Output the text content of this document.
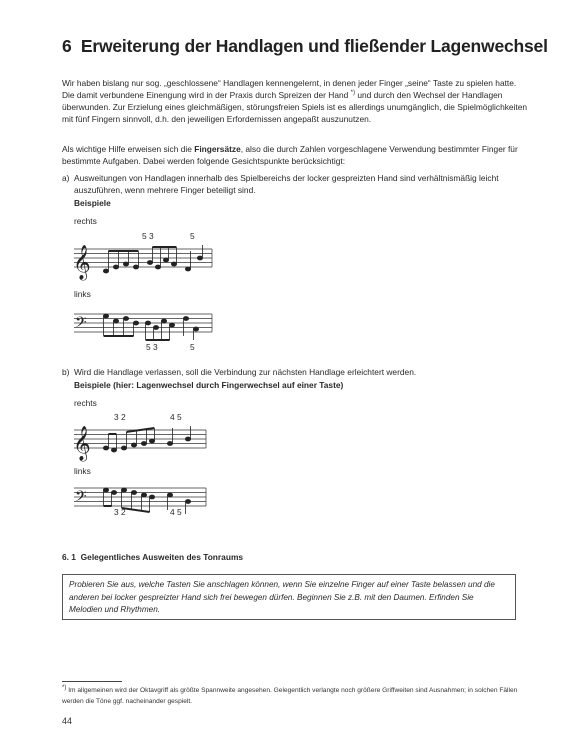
6 Erweiterung der Handlagen und fließender Lagenwechsel
Wir haben bislang nur sog. „geschlossene“ Handlagen kennengelernt, in denen jeder Finger „seine“ Taste zu spielen hatte. Die damit verbundene Einengung wird in der Praxis durch Spreizen der Hand *) und durch den Wechsel der Handlagen überwunden. Zur Erzielung eines gleichmäßigen, störungsfreien Spiels ist es allerdings unumgänglich, die Spielmöglichkeiten mit fünf Fingern sinnvoll, d.h. den jeweiligen Erfordernissen angepaßt auszunutzen.
Als wichtige Hilfe erweisen sich die Fingersätze, also die durch Zahlen vorgeschlagene Verwendung bestimmter Finger für bestimmte Aufgaben. Dabei werden folgende Gesichtspunkte berücksichtigt:
a) Ausweitungen von Handlagen innerhalb des Spielbereichs der locker gespreizten Hand sind verhältnismäßig leicht auszuführen, wenn mehrere Finger beteiligt sind.
Beispiele
rechts
5 3	5
𝄞
links
𝄢
5 3	5
b) Wird die Handlage verlassen, soll die Verbindung zur nächsten Handlage erleichtert werden.
Beispiele (hier: Lagenwechsel durch Fingerwechsel auf einer Taste)
rechts
3 2	4 5
𝄞
links
𝄢
3 2	4 5
6. 1 Gelegentliches Ausweiten des Tonraums
Probieren Sie aus, welche Tasten Sie anschlagen können, wenn Sie einzelne Finger auf einer Taste belassen und die anderen bei locker gespreizter Hand sich frei bewegen dürfen. Beginnen Sie z.B. mit den Daumen. Erfinden Sie Melodien und Rhythmen.
*) Im allgemeinen wird der Oktavgriff als größte Spannweite angesehen. Gelegentlich verlangte noch größere Griffweiten sind Ausnahmen; in solchen Fällen werden die Töne ggf. nacheinander gespielt.
44
